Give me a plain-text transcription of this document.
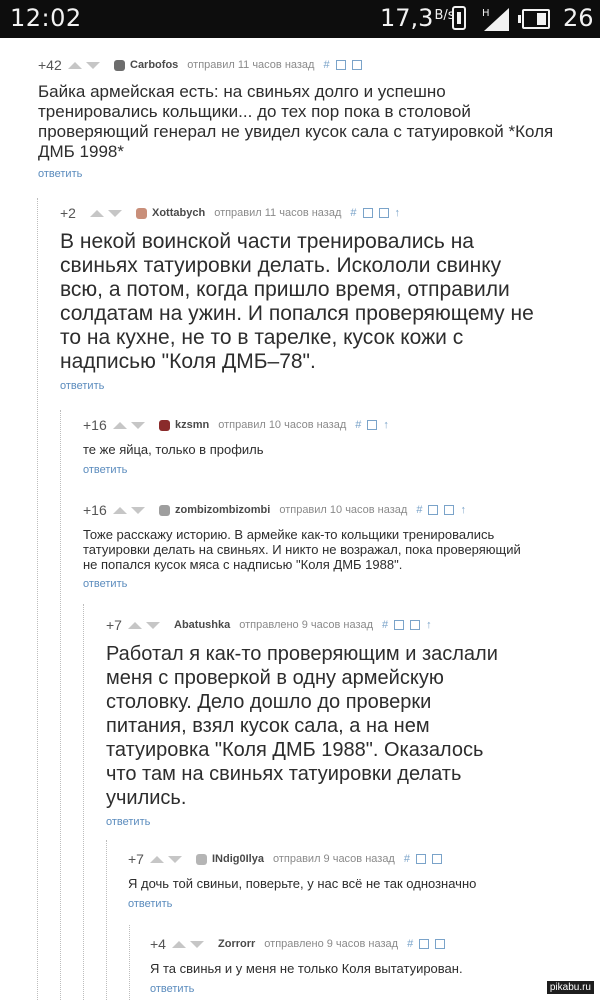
12:02	$17,3^{B/s}$	H	26
+42	Carbofos отправил 11 часов назад #
Байка армейская есть: на свиньях долго и успешно тренировались кольщики... до тех пор пока в столовой проверяющий генерал не увидел кусок сала с татуировкой *Коля ДМБ 1998*
ответить
+2	Xottabych отправил 11 часов назад #	↑
В некой воинской части тренировались на свиньях татуировки делать. Искололи свинку всю, а потом, когда пришло время, отправили солдатам на ужин. И попался проверяющему не то на кухне, не то в тарелке, кусок кожи с надписью "Коля ДМБ–78".
ответить
+16	kzsmn отправил 10 часов назад # ↑
те же яйца, только в профиль
ответить
+16	zombizombizombi отправил 10 часов назад #	↑
Тоже расскажу историю. В армейке как-то кольщики тренировались татуировки делать на свиньях. И никто не возражал, пока проверяющий не попался кусок мяса с надписью "Коля ДМБ 1988".
ответить
+7	Abatushka отправлено 9 часов назад #	↑
Работал я как-то проверяющим и заслали меня с проверкой в одну армейскую столовку. Дело дошло до проверки питания, взял кусок сала, а на нем татуировка "Коля ДМБ 1988". Оказалось что там на свиньях татуировки делать учились.
ответить
+7	INdig0Ilya отправил 9 часов назад #
Я дочь той свиньи, поверьте, у нас всё не так однозначно
ответить
+4	Zorrorr отправлено 9 часов назад #
Я та свинья и у меня не только Коля вытатуирован.
ответить	pikabu.ru
